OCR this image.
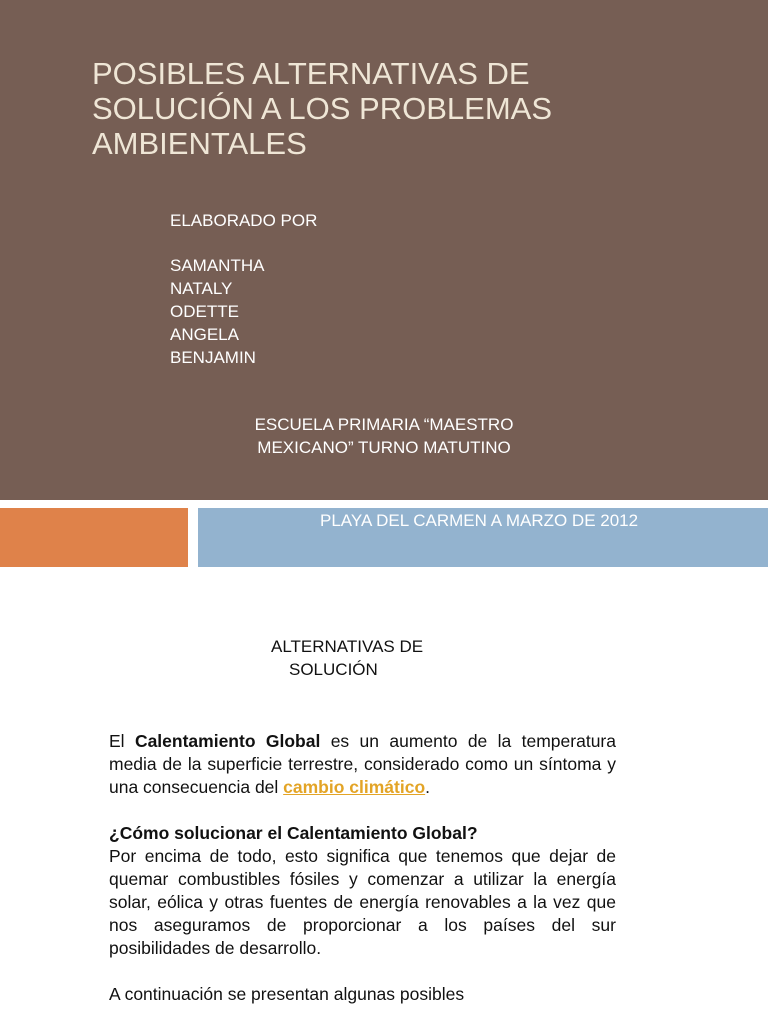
POSIBLES ALTERNATIVAS DE
SOLUCIÓN A LOS PROBLEMAS
AMBIENTALES
ELABORADO POR
SAMANTHA
NATALY
ODETTE
ANGELA
BENJAMIN
ESCUELA PRIMARIA “MAESTRO
MEXICANO” TURNO MATUTINO
PLAYA DEL CARMEN A MARZO DE 2012
ALTERNATIVAS DE
SOLUCIÓN

El Calentamiento Global es un aumento de la temperatura media de la superficie terrestre, considerado como un síntoma y una consecuencia del cambio climático.

¿Cómo solucionar el Calentamiento Global?

Por encima de todo, esto significa que tenemos que dejar de quemar combustibles fósiles y comenzar a utilizar la energía solar, eólica y otras fuentes de energía renovables a la vez que nos aseguramos de proporcionar a los países del sur posibilidades de desarrollo.

A continuación se presentan algunas posibles
